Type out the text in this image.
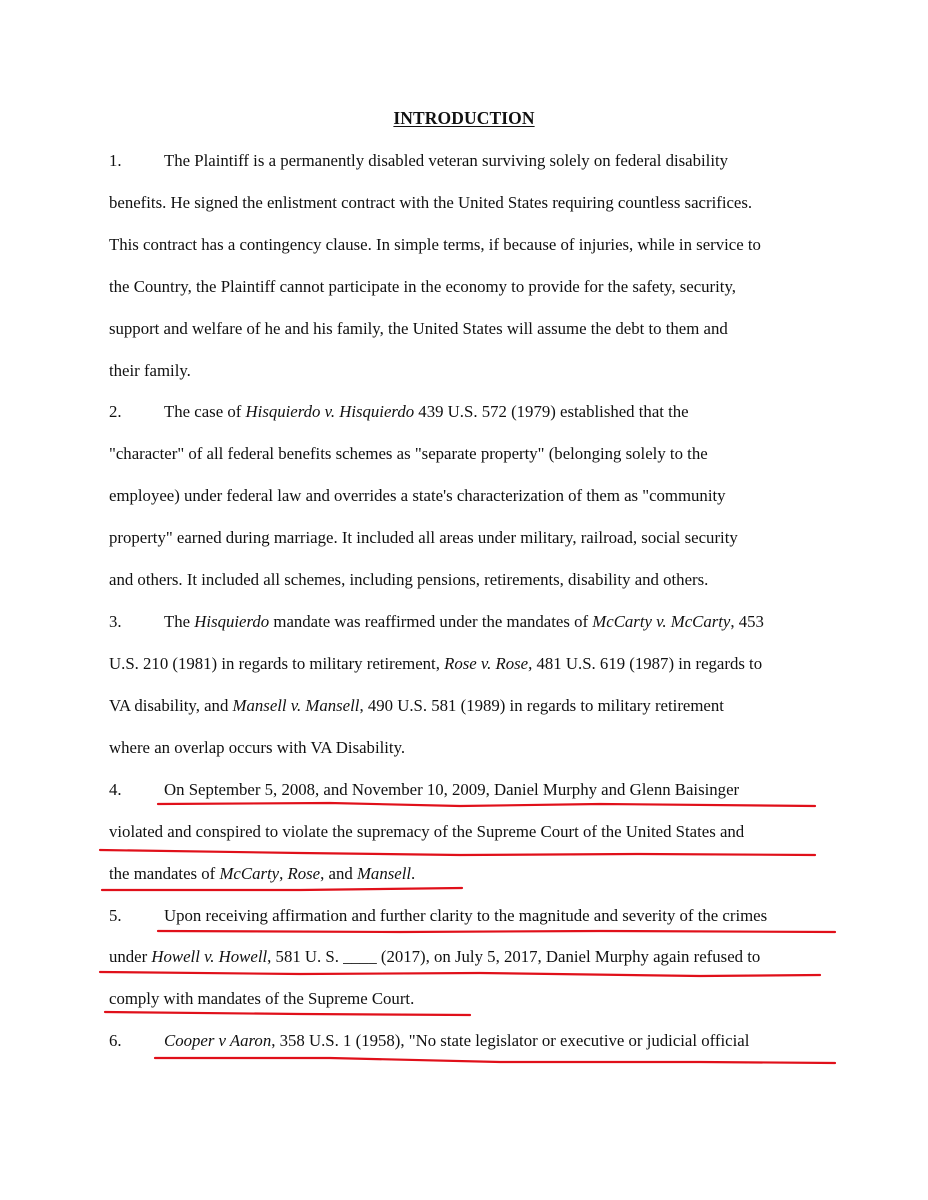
INTRODUCTION
1.	The Plaintiff is a permanently disabled veteran surviving solely on federal disability
benefits. He signed the enlistment contract with the United States requiring countless sacrifices.
This contract has a contingency clause. In simple terms, if because of injuries, while in service to
the Country, the Plaintiff cannot participate in the economy to provide for the safety, security,
support and welfare of he and his family, the United States will assume the debt to them and
their family.
2.	The case of Hisquierdo v. Hisquierdo 439 U.S. 572 (1979) established that the
"character" of all federal benefits schemes as "separate property" (belonging solely to the
employee) under federal law and overrides a state's characterization of them as "community
property" earned during marriage. It included all areas under military, railroad, social security
and others. It included all schemes, including pensions, retirements, disability and others.
3.	The Hisquierdo mandate was reaffirmed under the mandates of McCarty v. McCarty, 453
U.S. 210 (1981) in regards to military retirement, Rose v. Rose, 481 U.S. 619 (1987) in regards to
VA disability, and Mansell v. Mansell, 490 U.S. 581 (1989) in regards to military retirement
where an overlap occurs with VA Disability.
4.	On September 5, 2008, and November 10, 2009, Daniel Murphy and Glenn Baisinger
violated and conspired to violate the supremacy of the Supreme Court of the United States and
the mandates of McCarty, Rose, and Mansell.
5.	Upon receiving affirmation and further clarity to the magnitude and severity of the crimes
under Howell v. Howell, 581 U. S. ____ (2017), on July 5, 2017, Daniel Murphy again refused to
comply with mandates of the Supreme Court.
6.	Cooper v Aaron, 358 U.S. 1 (1958), "No state legislator or executive or judicial official
